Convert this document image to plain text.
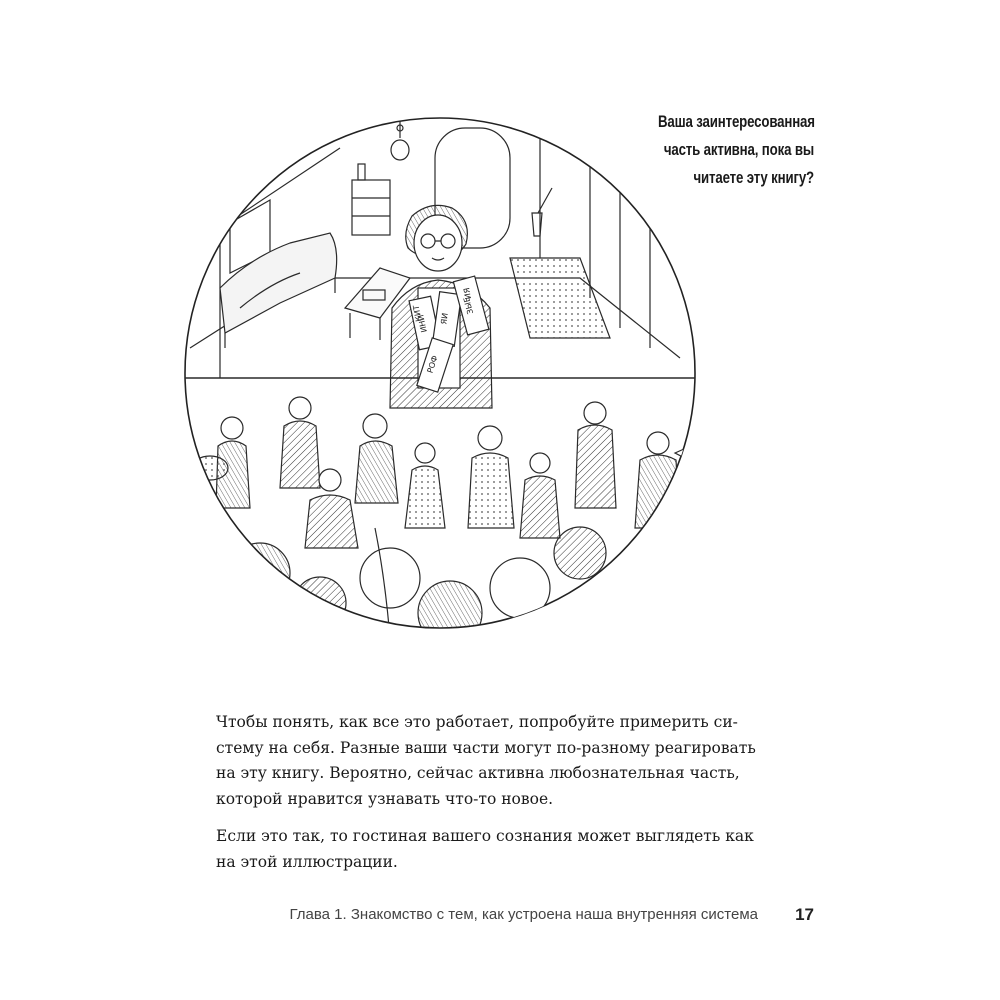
ИНИ ЯИ
ЗЫЕ
РОФ
КИТ
ИЯ
Ваша заинтересованная
часть активна, пока вы
читаете эту книгу?

Чтобы понять, как все это работает, попробуйте примерить си-
стему на себя. Разные ваши части могут по-разному реагировать
на эту книгу. Вероятно, сейчас активна любознательная часть,
которой нравится узнавать что-то новое.

Если это так, то гостиная вашего сознания может выглядеть как
на этой иллюстрации.

Глава 1. Знакомство с тем, как устроена наша внутренняя система 17
